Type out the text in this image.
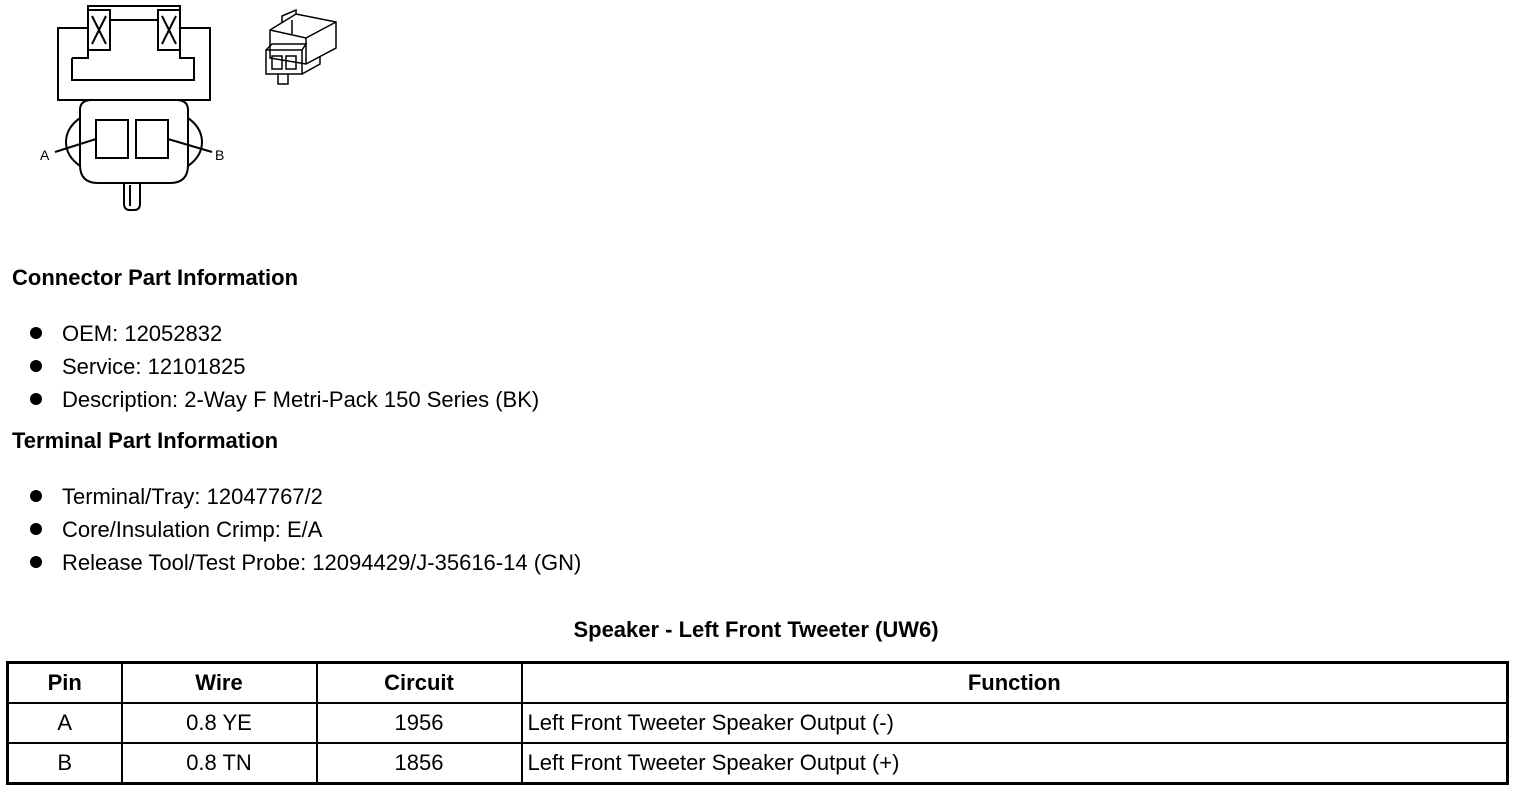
A	B
Connector Part Information
OEM: 12052832
Service: 12101825
Description: 2-Way F Metri-Pack 150 Series (BK)
Terminal Part Information
Terminal/Tray: 12047767/2
Core/Insulation Crimp: E/A
Release Tool/Test Probe: 12094429/J-35616-14 (GN)
Speaker - Left Front Tweeter (UW6)
Pin	Wire	Circuit	Function
A	0.8 YE	1956	Left Front Tweeter Speaker Output (-)
B	0.8 TN	1856	Left Front Tweeter Speaker Output (+)
